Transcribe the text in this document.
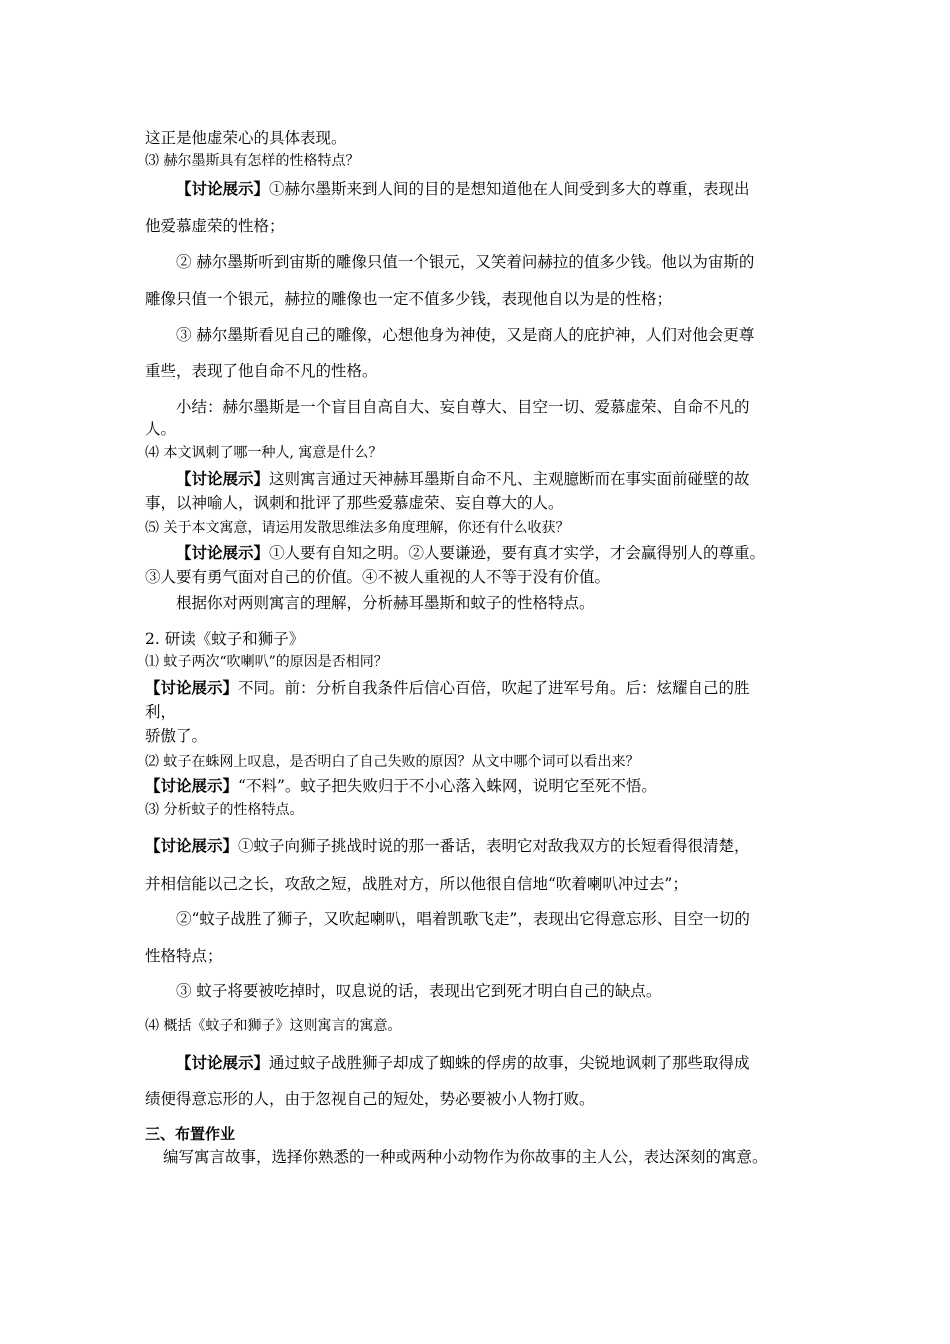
这正是他虚荣心的具体表现。
⑶ 赫尔墨斯具有怎样的性格特点？
【讨论展示】①赫尔墨斯来到人间的目的是想知道他在人间受到多大的尊重，表现出
他爱慕虚荣的性格；
② 赫尔墨斯听到宙斯的雕像只值一个银元，又笑着问赫拉的值多少钱。他以为宙斯的
雕像只值一个银元，赫拉的雕像也一定不值多少钱，表现他自以为是的性格；
③ 赫尔墨斯看见自己的雕像，心想他身为神使，又是商人的庇护神，人们对他会更尊
重些，表现了他自命不凡的性格。
小结：赫尔墨斯是一个盲目自高自大、妄自尊大、目空一切、爱慕虚荣、自命不凡的
人。
⑷ 本文讽刺了哪一种人, 寓意是什么？
【讨论展示】这则寓言通过天神赫耳墨斯自命不凡、主观臆断而在事实面前碰壁的故
事，以神喻人，讽刺和批评了那些爱慕虚荣、妄自尊大的人。
⑸ 关于本文寓意，请运用发散思维法多角度理解，你还有什么收获？
【讨论展示】①人要有自知之明。②人要谦逊，要有真才实学，才会赢得别人的尊重。
③人要有勇气面对自己的价值。④不被人重视的人不等于没有价值。
根据你对两则寓言的理解，分析赫耳墨斯和蚊子的性格特点。
2. 研读《蚊子和狮子》
⑴ 蚊子两次“吹喇叭”的原因是否相同？
【讨论展示】不同。前：分析自我条件后信心百倍，吹起了进军号角。后：炫耀自己的胜
利，
骄傲了。
⑵ 蚊子在蛛网上叹息，是否明白了自己失败的原因？从文中哪个词可以看出来？
【讨论展示】“不料”。蚊子把失败归于不小心落入蛛网，说明它至死不悟。
⑶ 分析蚊子的性格特点。
【讨论展示】①蚊子向狮子挑战时说的那一番话，表明它对敌我双方的长短看得很清楚，
并相信能以己之长，攻敌之短，战胜对方，所以他很自信地“吹着喇叭冲过去”；
②“蚊子战胜了狮子，又吹起喇叭，唱着凯歌飞走”，表现出它得意忘形、目空一切的
性格特点；
③ 蚊子将要被吃掉时，叹息说的话，表现出它到死才明白自己的缺点。
⑷ 概括《蚊子和狮子》这则寓言的寓意。
【讨论展示】通过蚊子战胜狮子却成了蜘蛛的俘虏的故事，尖锐地讽刺了那些取得成
绩便得意忘形的人，由于忽视自己的短处，势必要被小人物打败。
三、布置作业
编写寓言故事，选择你熟悉的一种或两种小动物作为你故事的主人公，表达深刻的寓意。
